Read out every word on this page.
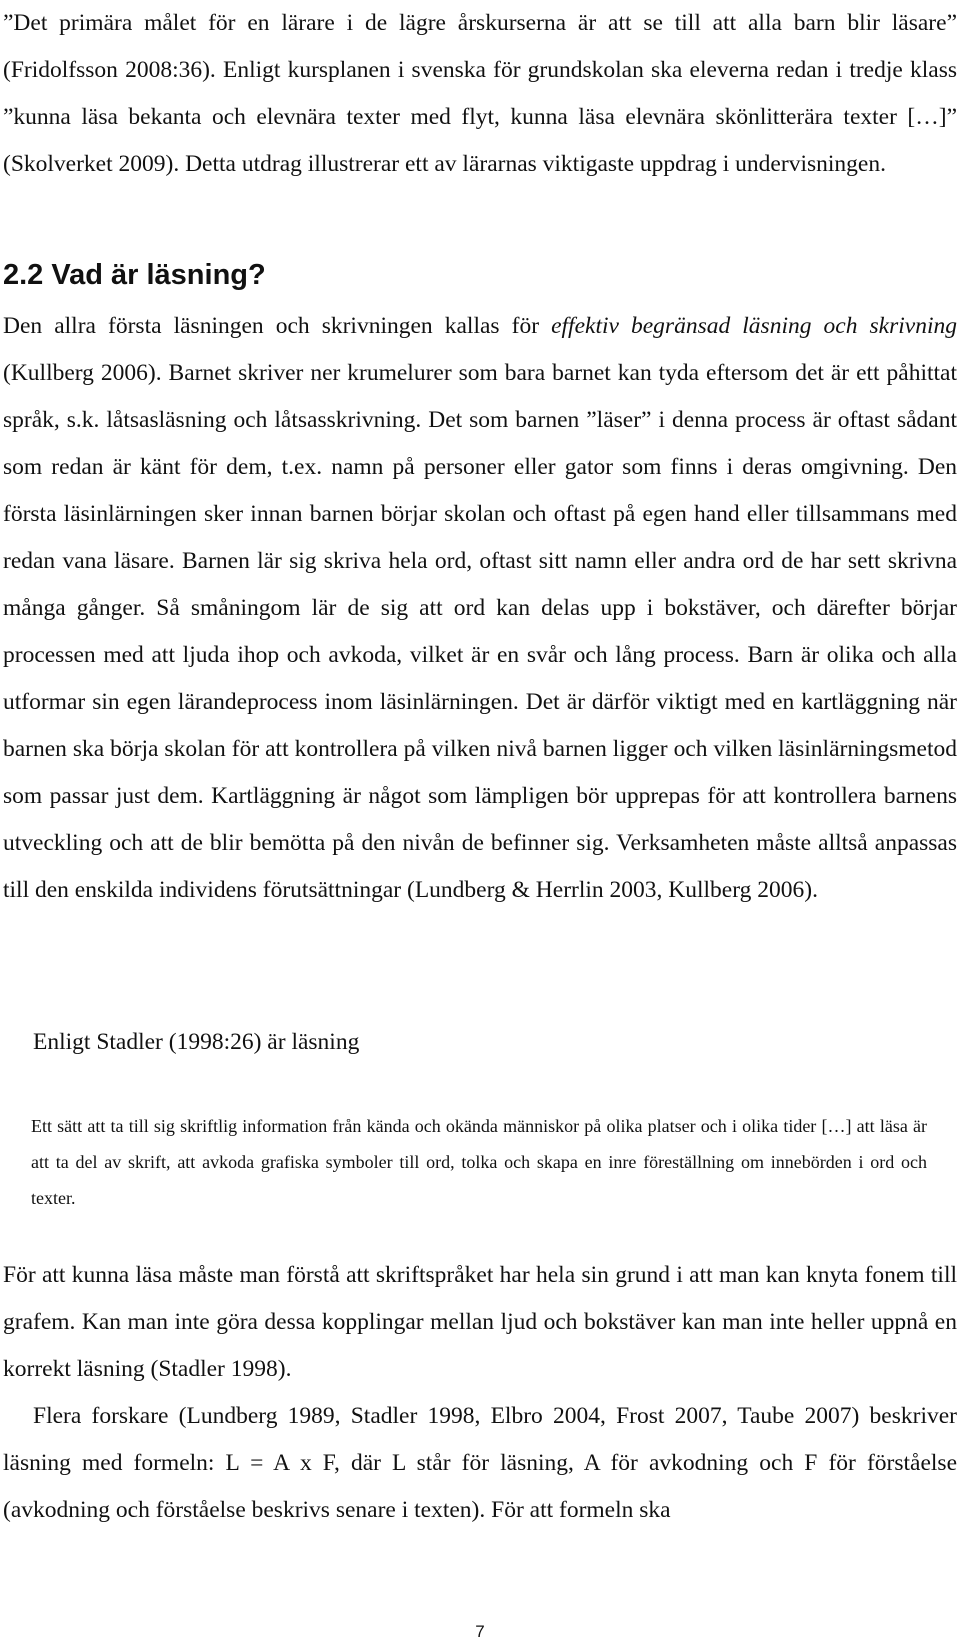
”Det primära målet för en lärare i de lägre årskurserna är att se till att alla barn blir läsare” (Fridolfsson 2008:36). Enligt kursplanen i svenska för grundskolan ska eleverna redan i tredje klass ”kunna läsa bekanta och elevnära texter med flyt, kunna läsa elevnära skönlitterära texter […]” (Skolverket 2009). Detta utdrag illustrerar ett av lärarnas viktigaste uppdrag i undervisningen.

2.2 Vad är läsning?

Den allra första läsningen och skrivningen kallas för effektiv begränsad läsning och skrivning (Kullberg 2006). Barnet skriver ner krumelurer som bara barnet kan tyda eftersom det är ett påhittat språk, s.k. låtsasläsning och låtsasskrivning. Det som barnen ”läser” i denna process är oftast sådant som redan är känt för dem, t.ex. namn på personer eller gator som finns i deras omgivning. Den första läsinlärningen sker innan barnen börjar skolan och oftast på egen hand eller tillsammans med redan vana läsare. Barnen lär sig skriva hela ord, oftast sitt namn eller andra ord de har sett skrivna många gånger. Så småningom lär de sig att ord kan delas upp i bokstäver, och därefter börjar processen med att ljuda ihop och avkoda, vilket är en svår och lång process. Barn är olika och alla utformar sin egen lärandeprocess inom läsinlärningen. Det är därför viktigt med en kartläggning när barnen ska börja skolan för att kontrollera på vilken nivå barnen ligger och vilken läsinlärningsmetod som passar just dem. Kartläggning är något som lämpligen bör upprepas för att kontrollera barnens utveckling och att de blir bemötta på den nivån de befinner sig. Verksamheten måste alltså anpassas till den enskilda individens förutsättningar (Lundberg & Herrlin 2003, Kullberg 2006).

Enligt Stadler (1998:26) är läsning

Ett sätt att ta till sig skriftlig information från kända och okända människor på olika platser och i olika tider […] att läsa är att ta del av skrift, att avkoda grafiska symboler till ord, tolka och skapa en inre föreställning om innebörden i ord och texter.

För att kunna läsa måste man förstå att skriftspråket har hela sin grund i att man kan knyta fonem till grafem. Kan man inte göra dessa kopplingar mellan ljud och bokstäver kan man inte heller uppnå en korrekt läsning (Stadler 1998).

Flera forskare (Lundberg 1989, Stadler 1998, Elbro 2004, Frost 2007, Taube 2007) beskriver läsning med formeln: L = A x F, där L står för läsning, A för avkodning och F för förståelse (avkodning och förståelse beskrivs senare i texten). För att formeln ska

7
